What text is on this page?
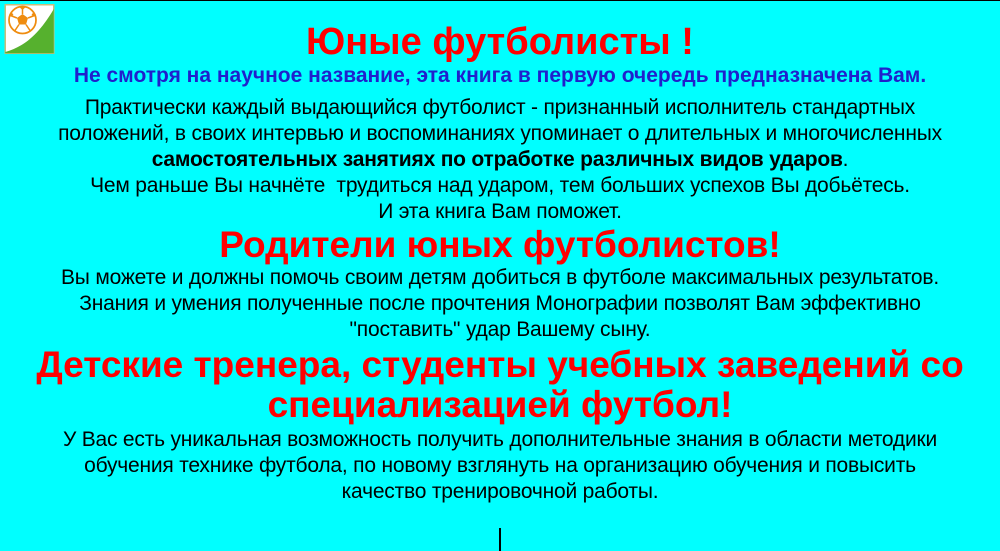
Юные футболисты !
Не смотря на научное название, эта книга в первую очередь предназначена Вам.
Практически каждый выдающийся футболист - признанный исполнитель стандартных
положений, в своих интервью и воспоминаниях упоминает о длительных и многочисленных
самостоятельных занятиях по отработке различных видов ударов.
Чем раньше Вы начнёте  трудиться над ударом, тем больших успехов Вы добьётесь.
И эта книга Вам поможет.
Родители юных футболистов!
Вы можете и должны помочь своим детям добиться в футболе максимальных результатов.
Знания и умения полученные после прочтения Монографии позволят Вам эффективно
"поставить" удар Вашему сыну.
Детские тренера, студенты учебных заведений со
специализацией футбол!
У Вас есть уникальная возможность получить дополнительные знания в области методики
обучения технике футбола, по новому взглянуть на организацию обучения и повысить
качество тренировочной работы.
